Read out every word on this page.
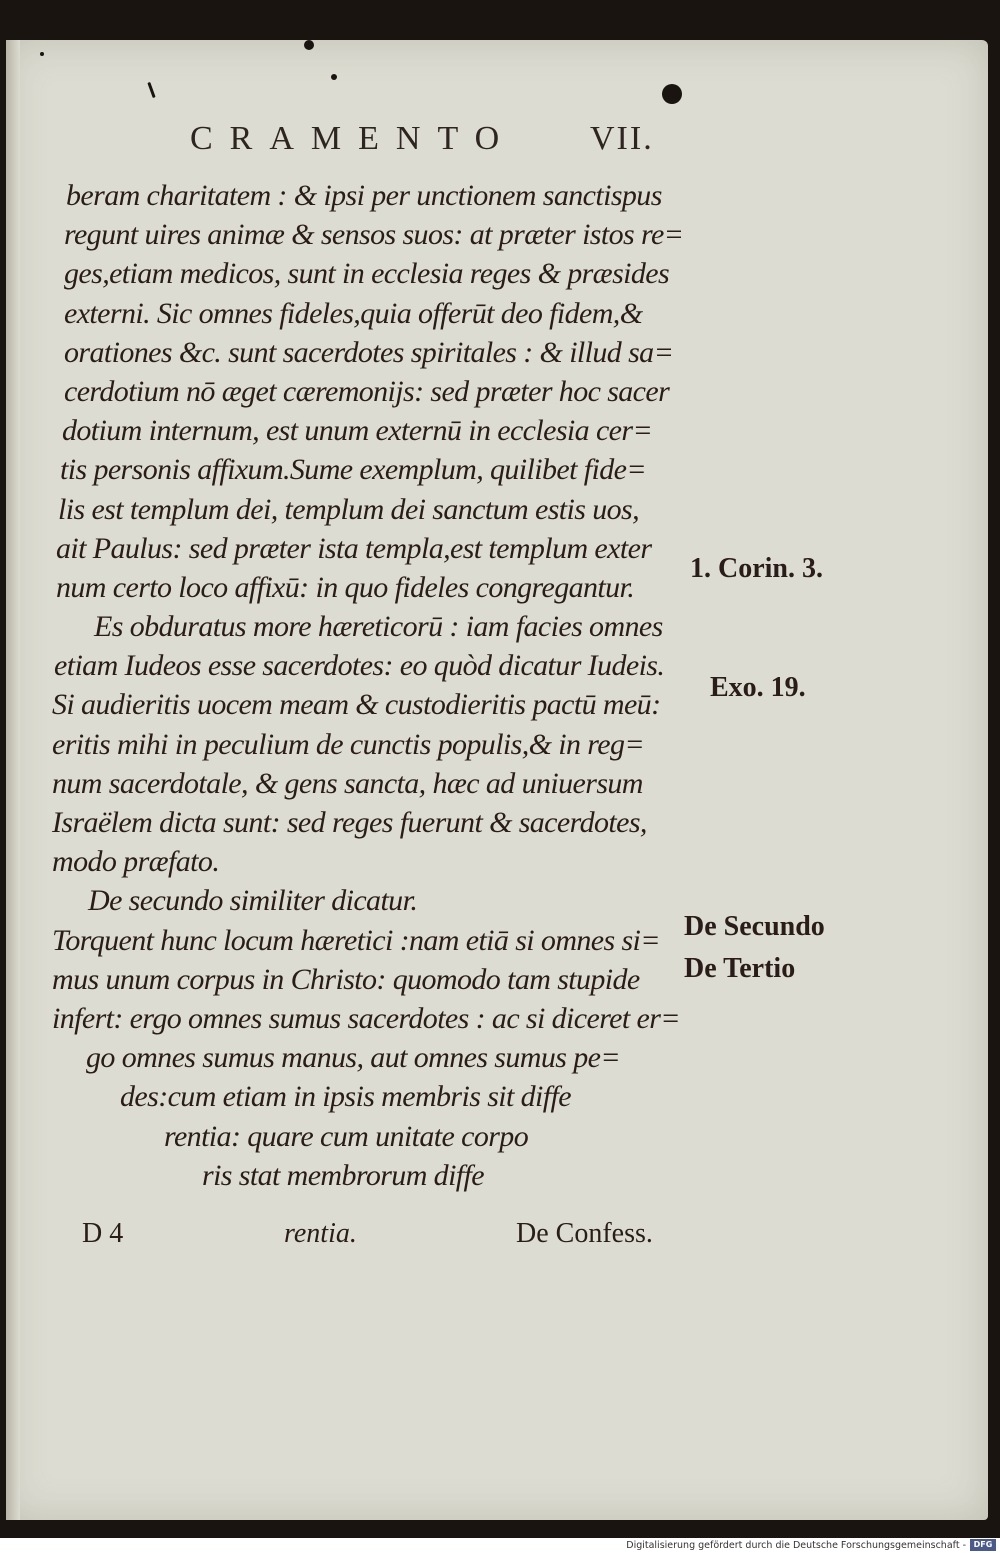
CRAMENTO VII.
beram charitatem : & ipsi per unctionem sanctispus
regunt uires animæ & sensos suos: at præter istos re=
ges,etiam medicos, sunt in ecclesia reges & præsides
externi. Sic omnes fideles,quia offerūt deo fidem,&
orationes &c. sunt sacerdotes spiritales : & illud sa=
cerdotium nō æget cæremonijs: sed præter hoc sacer
dotium internum, est unum externū in ecclesia cer=
tis personis affixum.Sume exemplum, quilibet fide=
lis est templum dei, templum dei sanctum estis uos,
ait Paulus: sed præter ista templa,est templum exter
num certo loco affixū: in quo fideles congregantur.
Es obduratus more hæreticorū : iam facies omnes
etiam Iudeos esse sacerdotes: eo quòd dicatur Iudeis.
Si audieritis uocem meam & custodieritis pactū meū:
eritis mihi in peculium de cunctis populis,& in reg=
num sacerdotale, & gens sancta, hæc ad uniuersum
Israëlem dicta sunt: sed reges fuerunt & sacerdotes,
modo præfato.
De secundo similiter dicatur.
Torquent hunc locum hæretici :nam etiā si omnes si=
mus unum corpus in Christo: quomodo tam stupide
infert: ergo omnes sumus sacerdotes : ac si diceret er=
go omnes sumus manus, aut omnes sumus pe=
des:cum etiam in ipsis membris sit diffe
rentia: quare cum unitate corpo
ris stat membrorum diffe
1. Corin. 3.
Exo. 19.
De Secundo
De Tertio
D 4	rentia.	De Confess.
Digitalisierung gefördert durch die Deutsche Forschungsgemeinschaft - DFG
